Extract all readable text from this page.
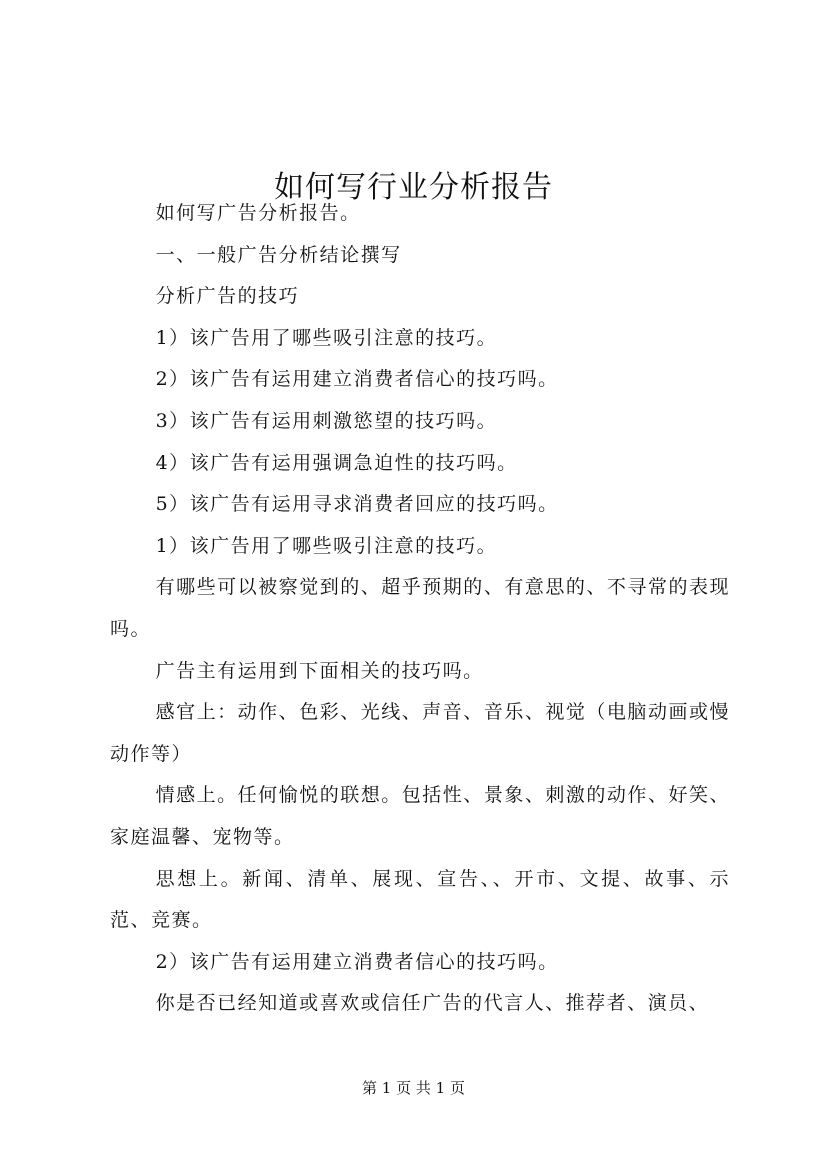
如何写行业分析报告

如何写广告分析报告。

一、一般广告分析结论撰写

分析广告的技巧

1）该广告用了哪些吸引注意的技巧。

2）该广告有运用建立消费者信心的技巧吗。

3）该广告有运用刺激慾望的技巧吗。

4）该广告有运用强调急迫性的技巧吗。

5）该广告有运用寻求消费者回应的技巧吗。

1）该广告用了哪些吸引注意的技巧。

有哪些可以被察觉到的、超乎预期的、有意思的、不寻常的表现吗。

广告主有运用到下面相关的技巧吗。

感官上：动作、色彩、光线、声音、音乐、视觉（电脑动画或慢动作等）

情感上。任何愉悦的联想。包括性、景象、刺激的动作、好笑、家庭温馨、宠物等。

思想上。新闻、清单、展现、宣告、、开市、文提、故事、示范、竞赛。

2）该广告有运用建立消费者信心的技巧吗。

你是否已经知道或喜欢或信任广告的代言人、推荐者、演员、

第 1 页 共 1 页
